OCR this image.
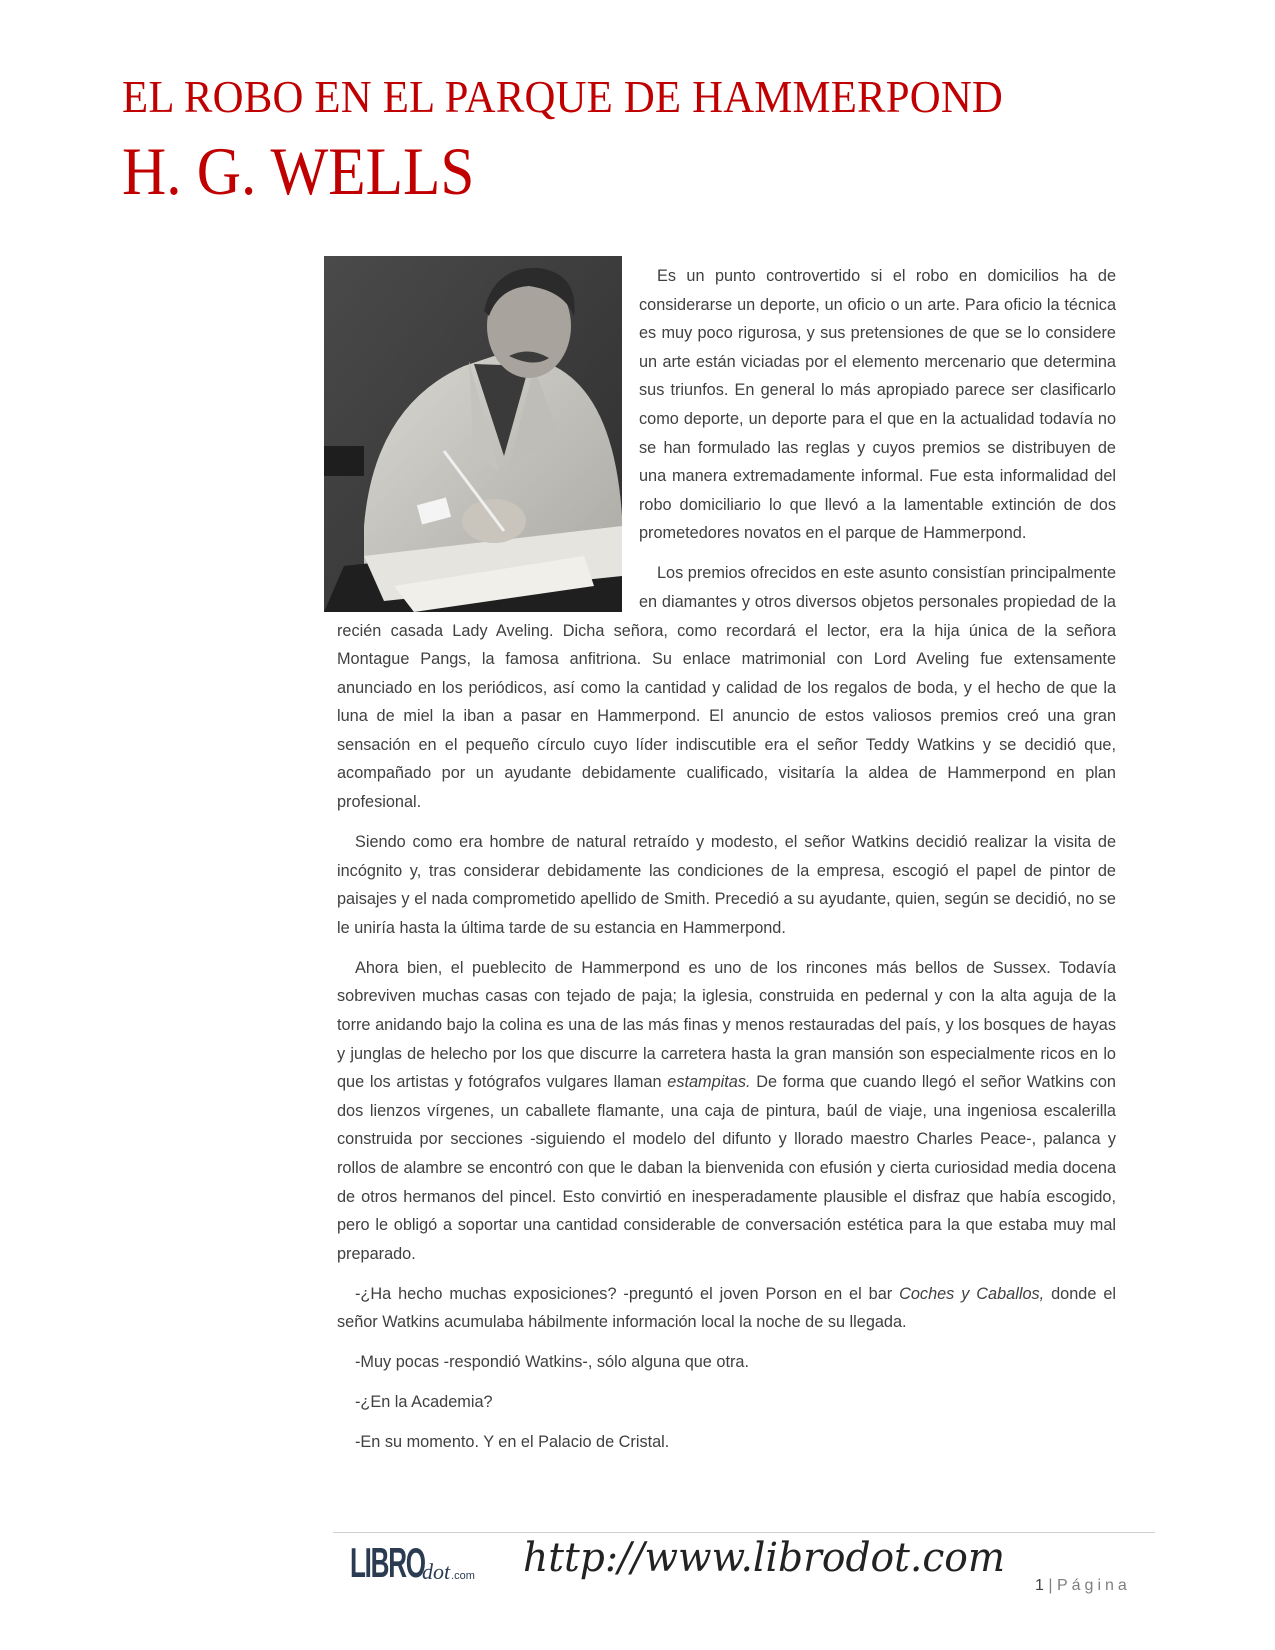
EL ROBO EN EL PARQUE DE HAMMERPOND
H. G. WELLS

Es un punto controvertido si el robo en domicilios ha de considerarse un deporte, un oficio o un arte. Para oficio la técnica es muy poco rigurosa, y sus pretensiones de que se lo considere un arte están viciadas por el elemento mercenario que determina sus triunfos. En general lo más apropiado parece ser clasificarlo como deporte, un deporte para el que en la actualidad todavía no se han formulado las reglas y cuyos premios se distribuyen de una manera extremadamente informal. Fue esta informalidad del robo domiciliario lo que llevó a la lamentable extinción de dos prometedores novatos en el parque de Hammerpond.

Los premios ofrecidos en este asunto consistían principalmente en diamantes y otros diversos objetos personales propiedad de la recién casada Lady Aveling. Dicha señora, como recordará el lector, era la hija única de la señora Montague Pangs, la famosa anfitriona. Su enlace matrimonial con Lord Aveling fue extensamente anunciado en los periódicos, así como la cantidad y calidad de los regalos de boda, y el hecho de que la luna de miel la iban a pasar en Hammerpond. El anuncio de estos valiosos premios creó una gran sensación en el pequeño círculo cuyo líder indiscutible era el señor Teddy Watkins y se decidió que, acompañado por un ayudante debidamente cualificado, visitaría la aldea de Hammerpond en plan profesional.

Siendo como era hombre de natural retraído y modesto, el señor Watkins decidió realizar la visita de incógnito y, tras considerar debidamente las condiciones de la empresa, escogió el papel de pintor de paisajes y el nada comprometido apellido de Smith. Precedió a su ayudante, quien, según se decidió, no se le uniría hasta la última tarde de su estancia en Hammerpond.

Ahora bien, el pueblecito de Hammerpond es uno de los rincones más bellos de Sussex. Todavía sobreviven muchas casas con tejado de paja; la iglesia, construida en pedernal y con la alta aguja de la torre anidando bajo la colina es una de las más finas y menos restauradas del país, y los bosques de hayas y junglas de helecho por los que discurre la carretera hasta la gran mansión son especialmente ricos en lo que los artistas y fotógrafos vulgares llaman estampitas. De forma que cuando llegó el señor Watkins con dos lienzos vírgenes, un caballete flamante, una caja de pintura, baúl de viaje, una ingeniosa escalerilla construida por secciones -siguiendo el modelo del difunto y llorado maestro Charles Peace-, palanca y rollos de alambre se encontró con que le daban la bienvenida con efusión y cierta curiosidad media docena de otros hermanos del pincel. Esto convirtió en inesperadamente plausible el disfraz que había escogido, pero le obligó a soportar una cantidad considerable de conversación estética para la que estaba muy mal preparado.

-¿Ha hecho muchas exposiciones? -preguntó el joven Porson en el bar Coches y Caballos, donde el señor Watkins acumulaba hábilmente información local la noche de su llegada.

-Muy pocas -respondió Watkins-, sólo alguna que otra.

-¿En la Academia?

-En su momento. Y en el Palacio de Cristal.

LIBRO
dot .com http://www.librodot.com
1 | Página
